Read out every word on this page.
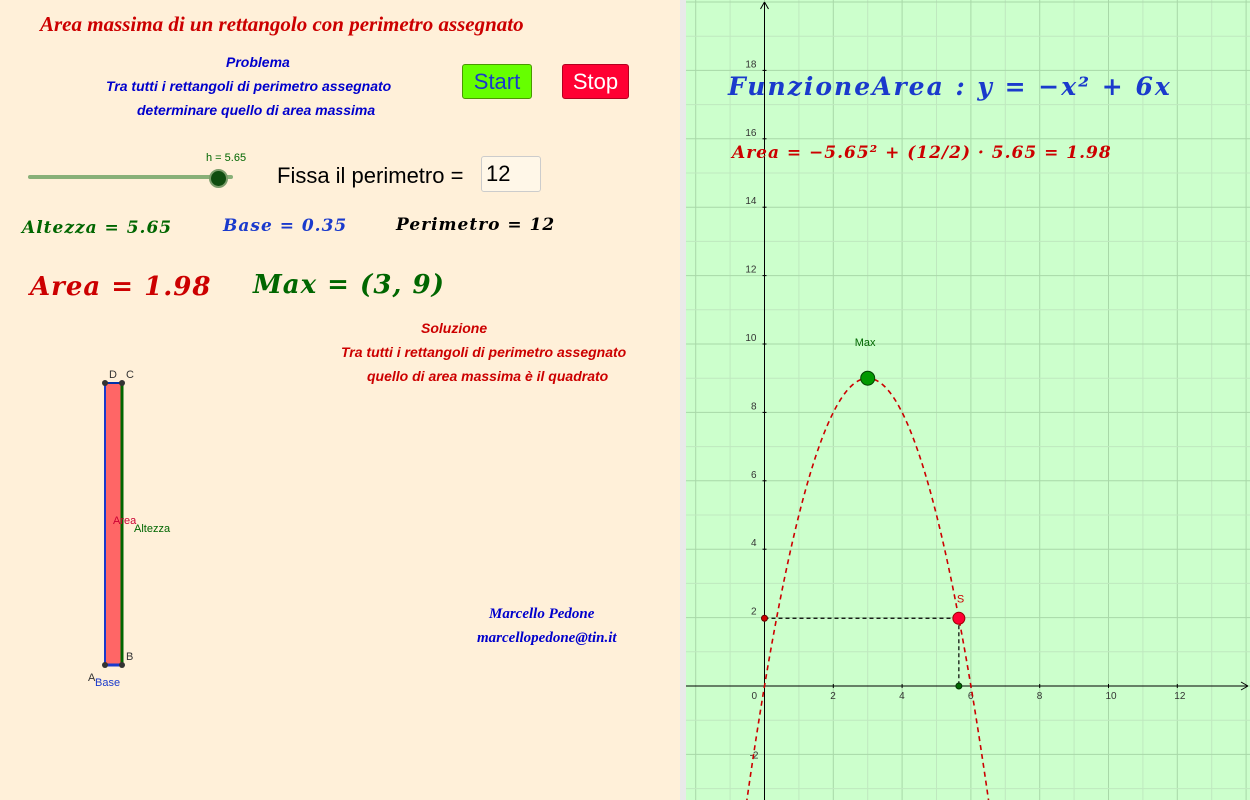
Area massima di un rettangolo con perimetro assegnato
Problema
Tra tutti i rettangoli di perimetro assegnato
determinare quello di area massima
Start	Stop
h = 5.65
Fissa il perimetro =
12
Altezza = 5.65	Base = 0.35	Perimetro = 12
Area = 1.98 Max = (3, 9)
Soluzione
Tra tutti i rettangoli di perimetro assegnato
quello di area massima è il quadrato
Marcello Pedone
marcellopedone@tin.it
A
B
C
D
Area
Altezza
Base
0	2	4	6	8	10	12
2
4
6
8
10
12
14
16
18
-2
Max
S
FunzioneArea : y = −x² + 6x
Area = −5.65² + (12/2) · 5.65 = 1.98
